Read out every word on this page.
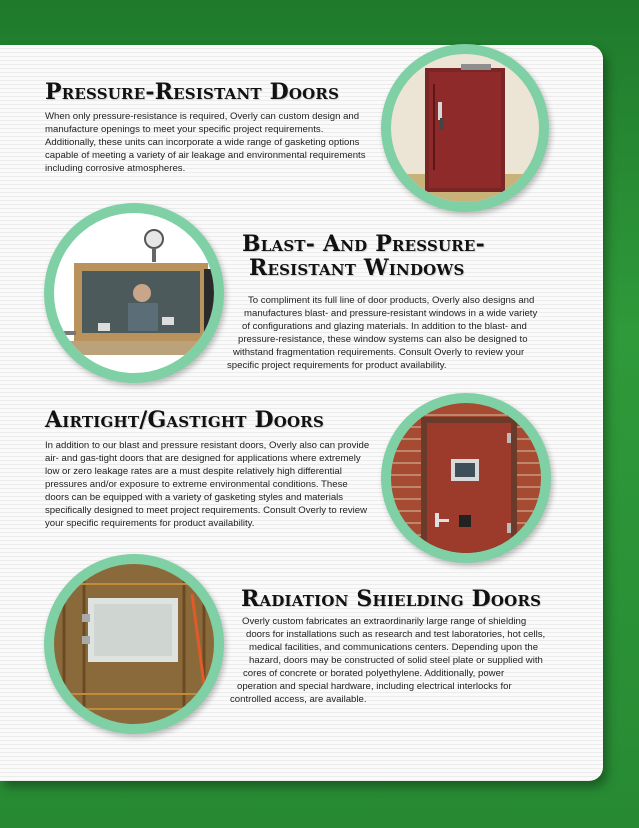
Pressure-Resistant Doors

When only pressure-resistance is required, Overly can custom design and manufacture openings to meet your specific project requirements. Additionally, these units can incorporate a wide range of gasketing options capable of meeting a variety of air leakage and environmental requirements including corrosive atmospheres.

Blast- And Pressure-
Resistant Windows

To compliment its full line of door products, Overly also designs and

manufactures blast- and pressure-resistant windows in a wide variety

of configurations and glazing materials. In addition to the blast- and

pressure-resistance, these window systems can also be designed to

withstand fragmentation requirements. Consult Overly to review your

specific project requirements for product availability.

Airtight/Gastight Doors

In addition to our blast and pressure resistant doors, Overly also can provide air- and gas-tight doors that are designed for applications where extremely low or zero leakage rates are a must despite relatively high differential pressures and/or exposure to extreme environmental conditions. These doors can be equipped with a variety of gasketing styles and materials specifically designed to meet project requirements. Consult Overly to review your specific requirements for product availability.

Radiation Shielding Doors

Overly custom fabricates an extraordinarily large range of shielding

doors for installations such as research and test laboratories, hot cells,

medical facilities, and communications centers. Depending upon the

hazard, doors may be constructed of solid steel plate or supplied with

cores of concrete or borated polyethylene. Additionally, power

operation and special hardware, including electrical interlocks for

controlled access, are available.
